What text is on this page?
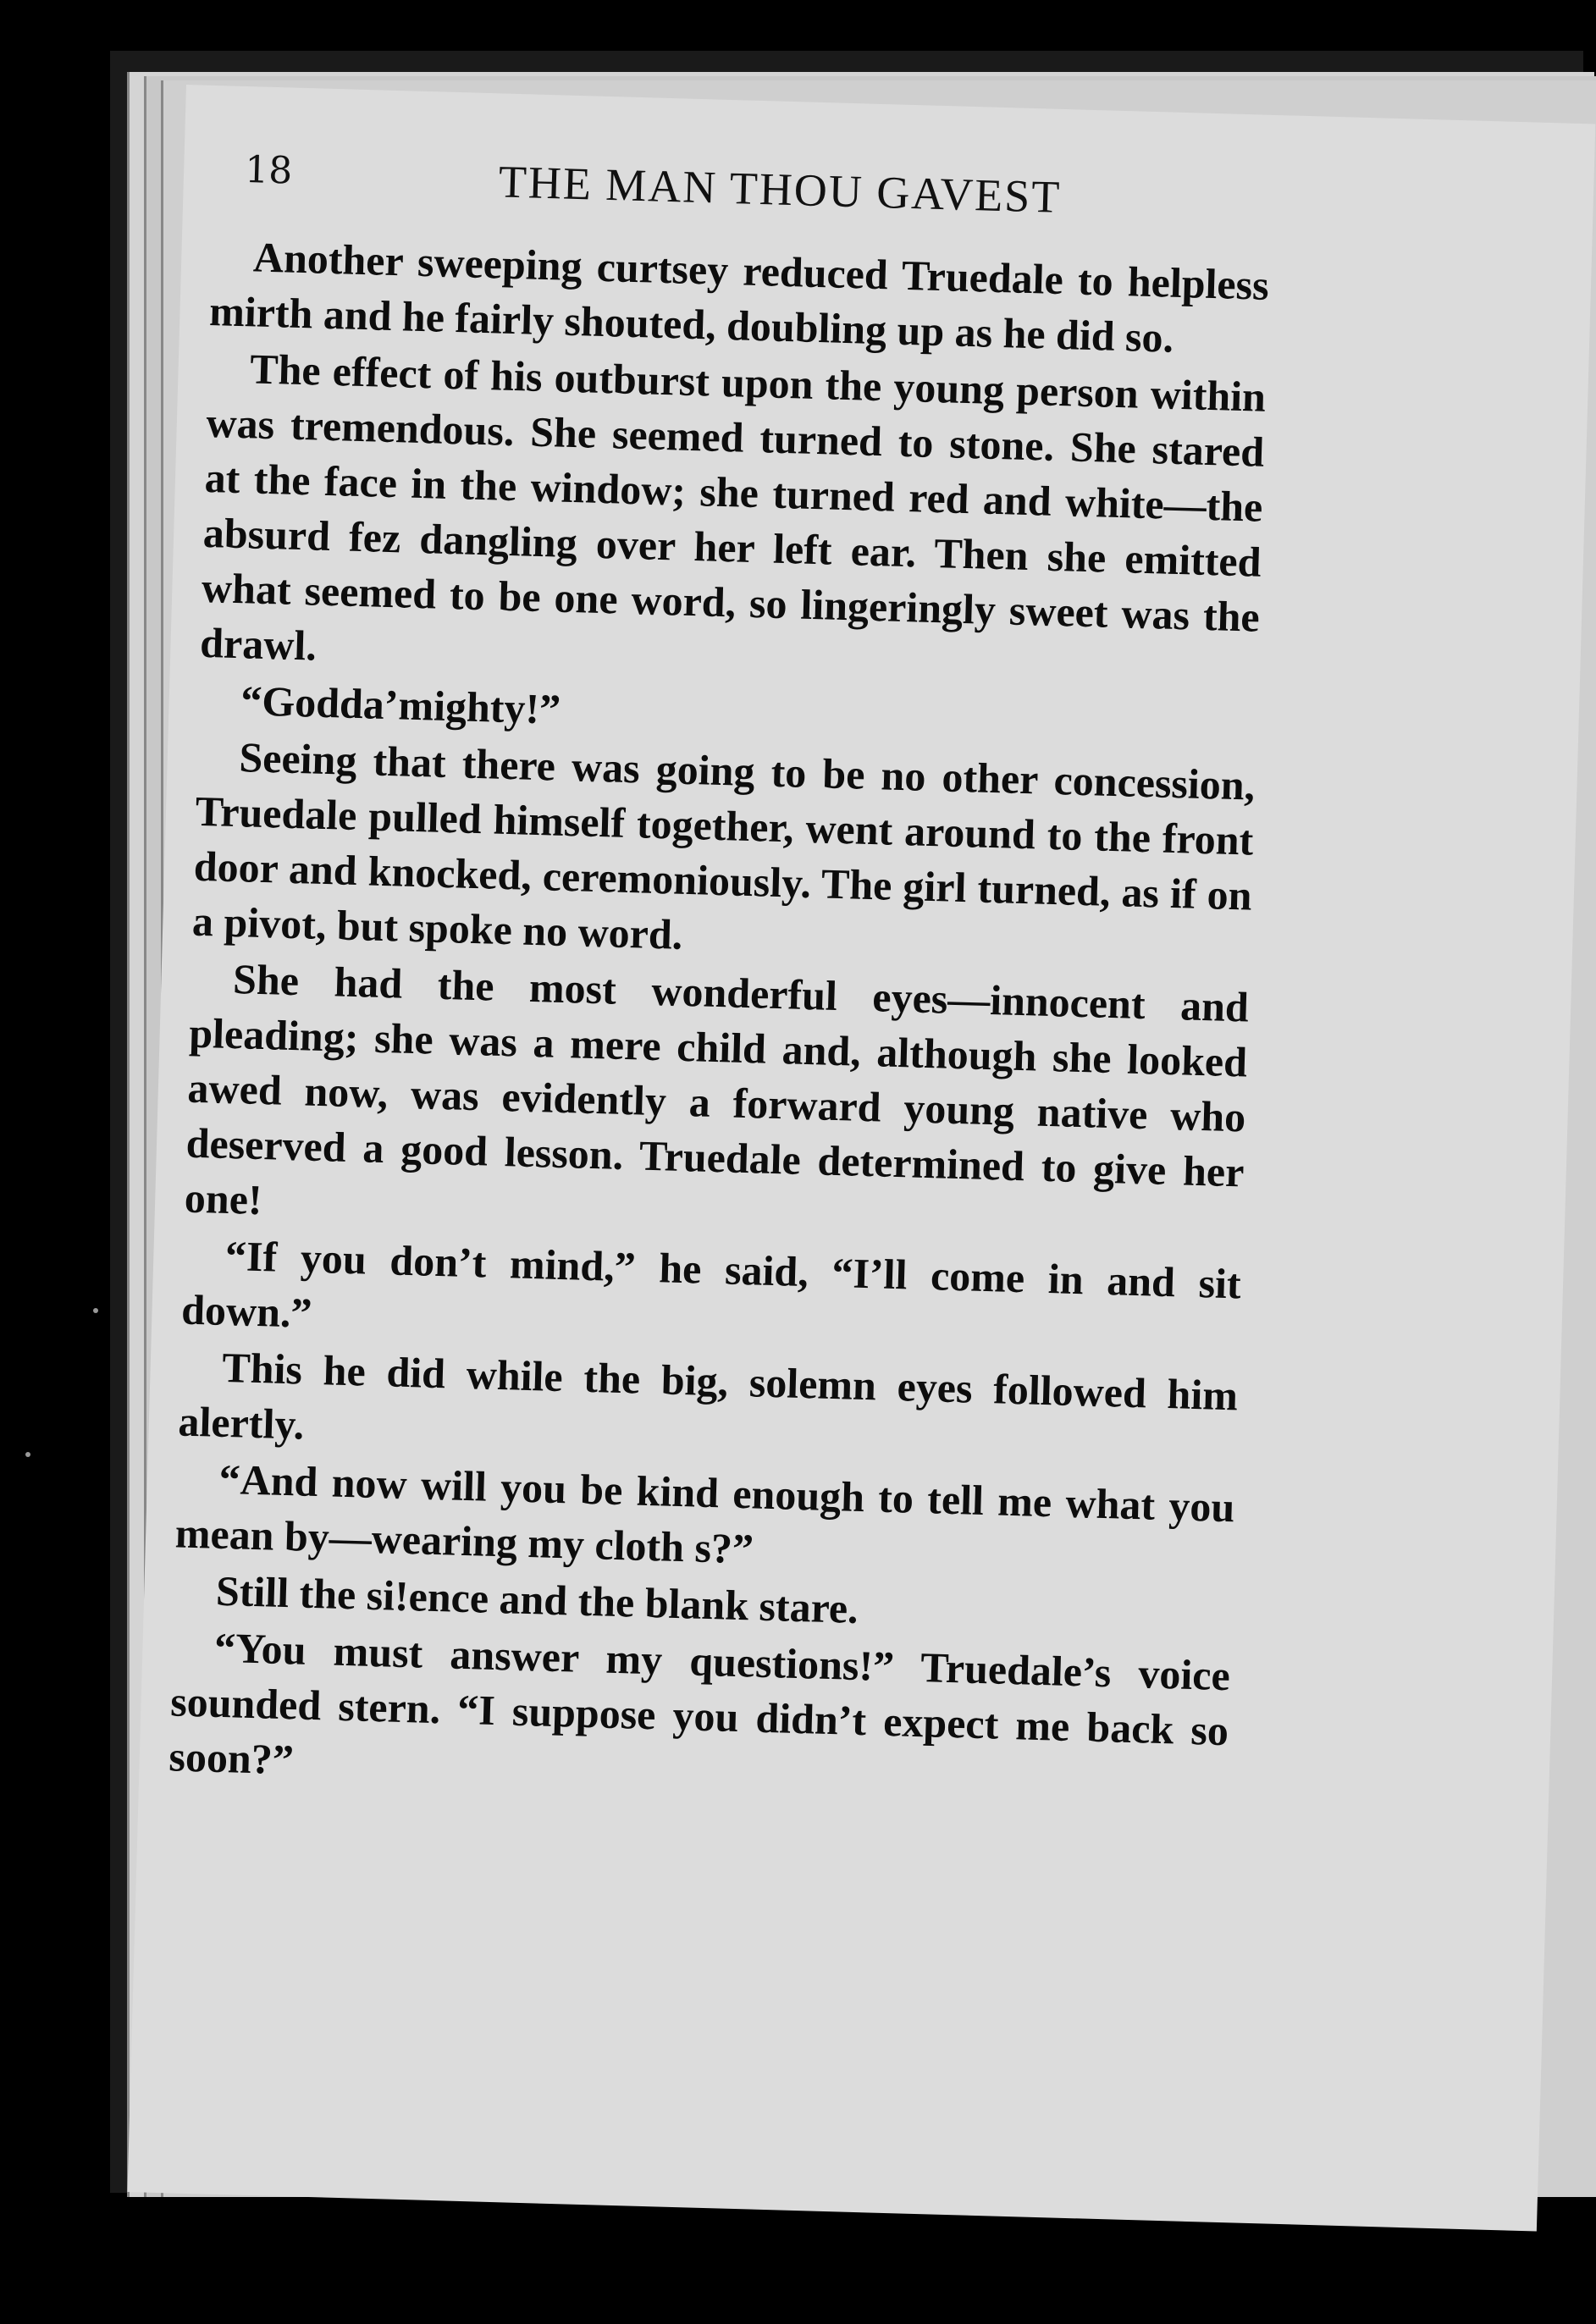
18	THE MAN THOU GAVEST

Another sweeping curtsey reduced Truedale to helpless mirth and he fairly shouted, doubling up as he did so.

The effect of his outburst upon the young person within was tremendous. She seemed turned to stone. She stared at the face in the window; she turned red and white—the absurd fez dangling over her left ear. Then she emitted what seemed to be one word, so lingeringly sweet was the drawl.

“Godda’mighty!”

Seeing that there was going to be no other concession, Truedale pulled himself together, went around to the front door and knocked, ceremoniously. The girl turned, as if on a pivot, but spoke no word.

She had the most wonderful eyes—innocent and pleading; she was a mere child and, although she looked awed now, was evidently a forward young native who deserved a good lesson. Truedale determined to give her one!

“If you don’t mind,” he said, “I’ll come in and sit down.”

This he did while the big, solemn eyes followed him alertly.

“And now will you be kind enough to tell me what you mean by—wearing my cloth s?”

Still the si!ence and the blank stare.

“You must answer my questions!” Truedale’s voice sounded stern. “I suppose you didn’t expect me back so soon?”
